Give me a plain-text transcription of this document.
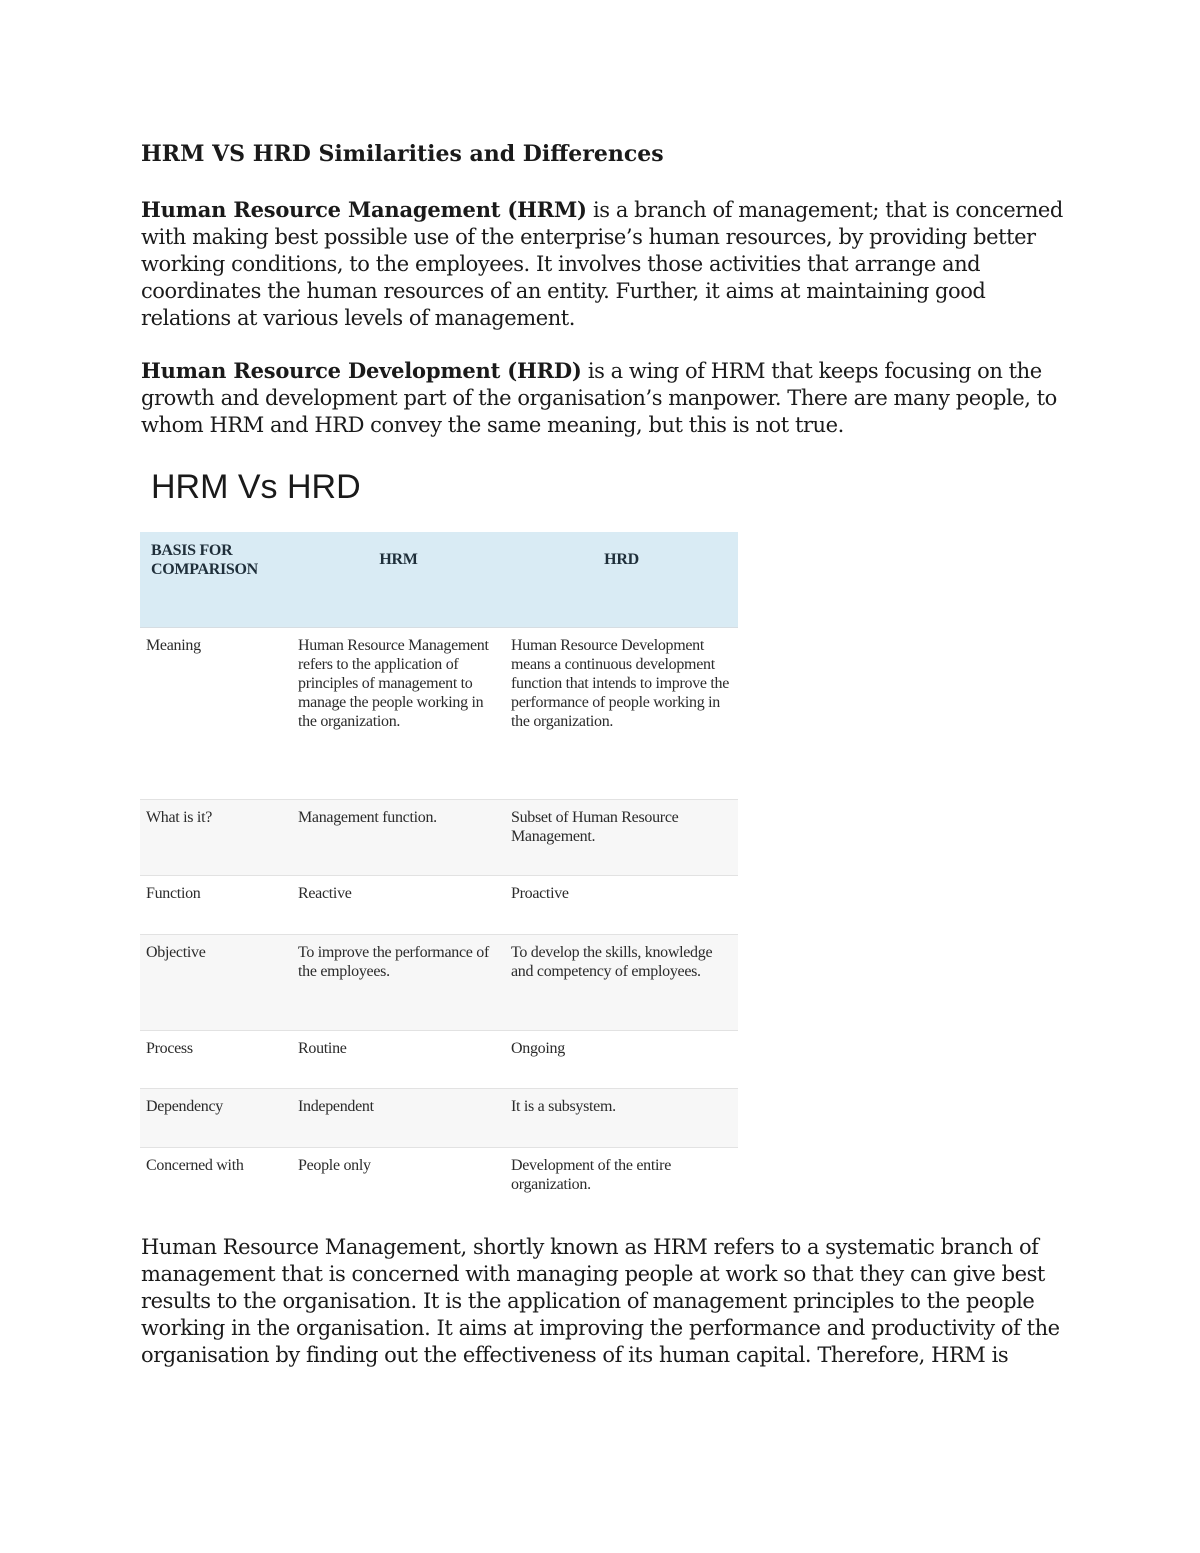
HRM VS HRD Similarities and Differences

Human Resource Management (HRM) is a branch of management; that is concerned with making best possible use of the enterprise’s human resources, by providing better working conditions, to the employees. It involves those activities that arrange and coordinates the human resources of an entity. Further, it aims at maintaining good relations at various levels of management.

Human Resource Development (HRD) is a wing of HRM that keeps focusing on the growth and development part of the organisation’s manpower. There are many people, to whom HRM and HRD convey the same meaning, but this is not true.

HRM Vs HRD
BASIS FOR COMPARISON	HRM	HRD
Meaning	Human Resource Management refers to the application of principles of management to manage the people working in the organization.	Human Resource Development means a continuous development function that intends to improve the performance of people working in the organization.
What is it?	Management function.	Subset of Human Resource Management.
Function	Reactive	Proactive
Objective	To improve the performance of the employees.	To develop the skills, knowledge and competency of employees.
Process	Routine	Ongoing
Dependency	Independent	It is a subsystem.
Concerned with	People only	Development of the entire organization.

Human Resource Management, shortly known as HRM refers to a systematic branch of management that is concerned with managing people at work so that they can give best results to the organisation. It is the application of management principles to the people working in the organisation. It aims at improving the performance and productivity of the organisation by finding out the effectiveness of its human capital. Therefore, HRM is
